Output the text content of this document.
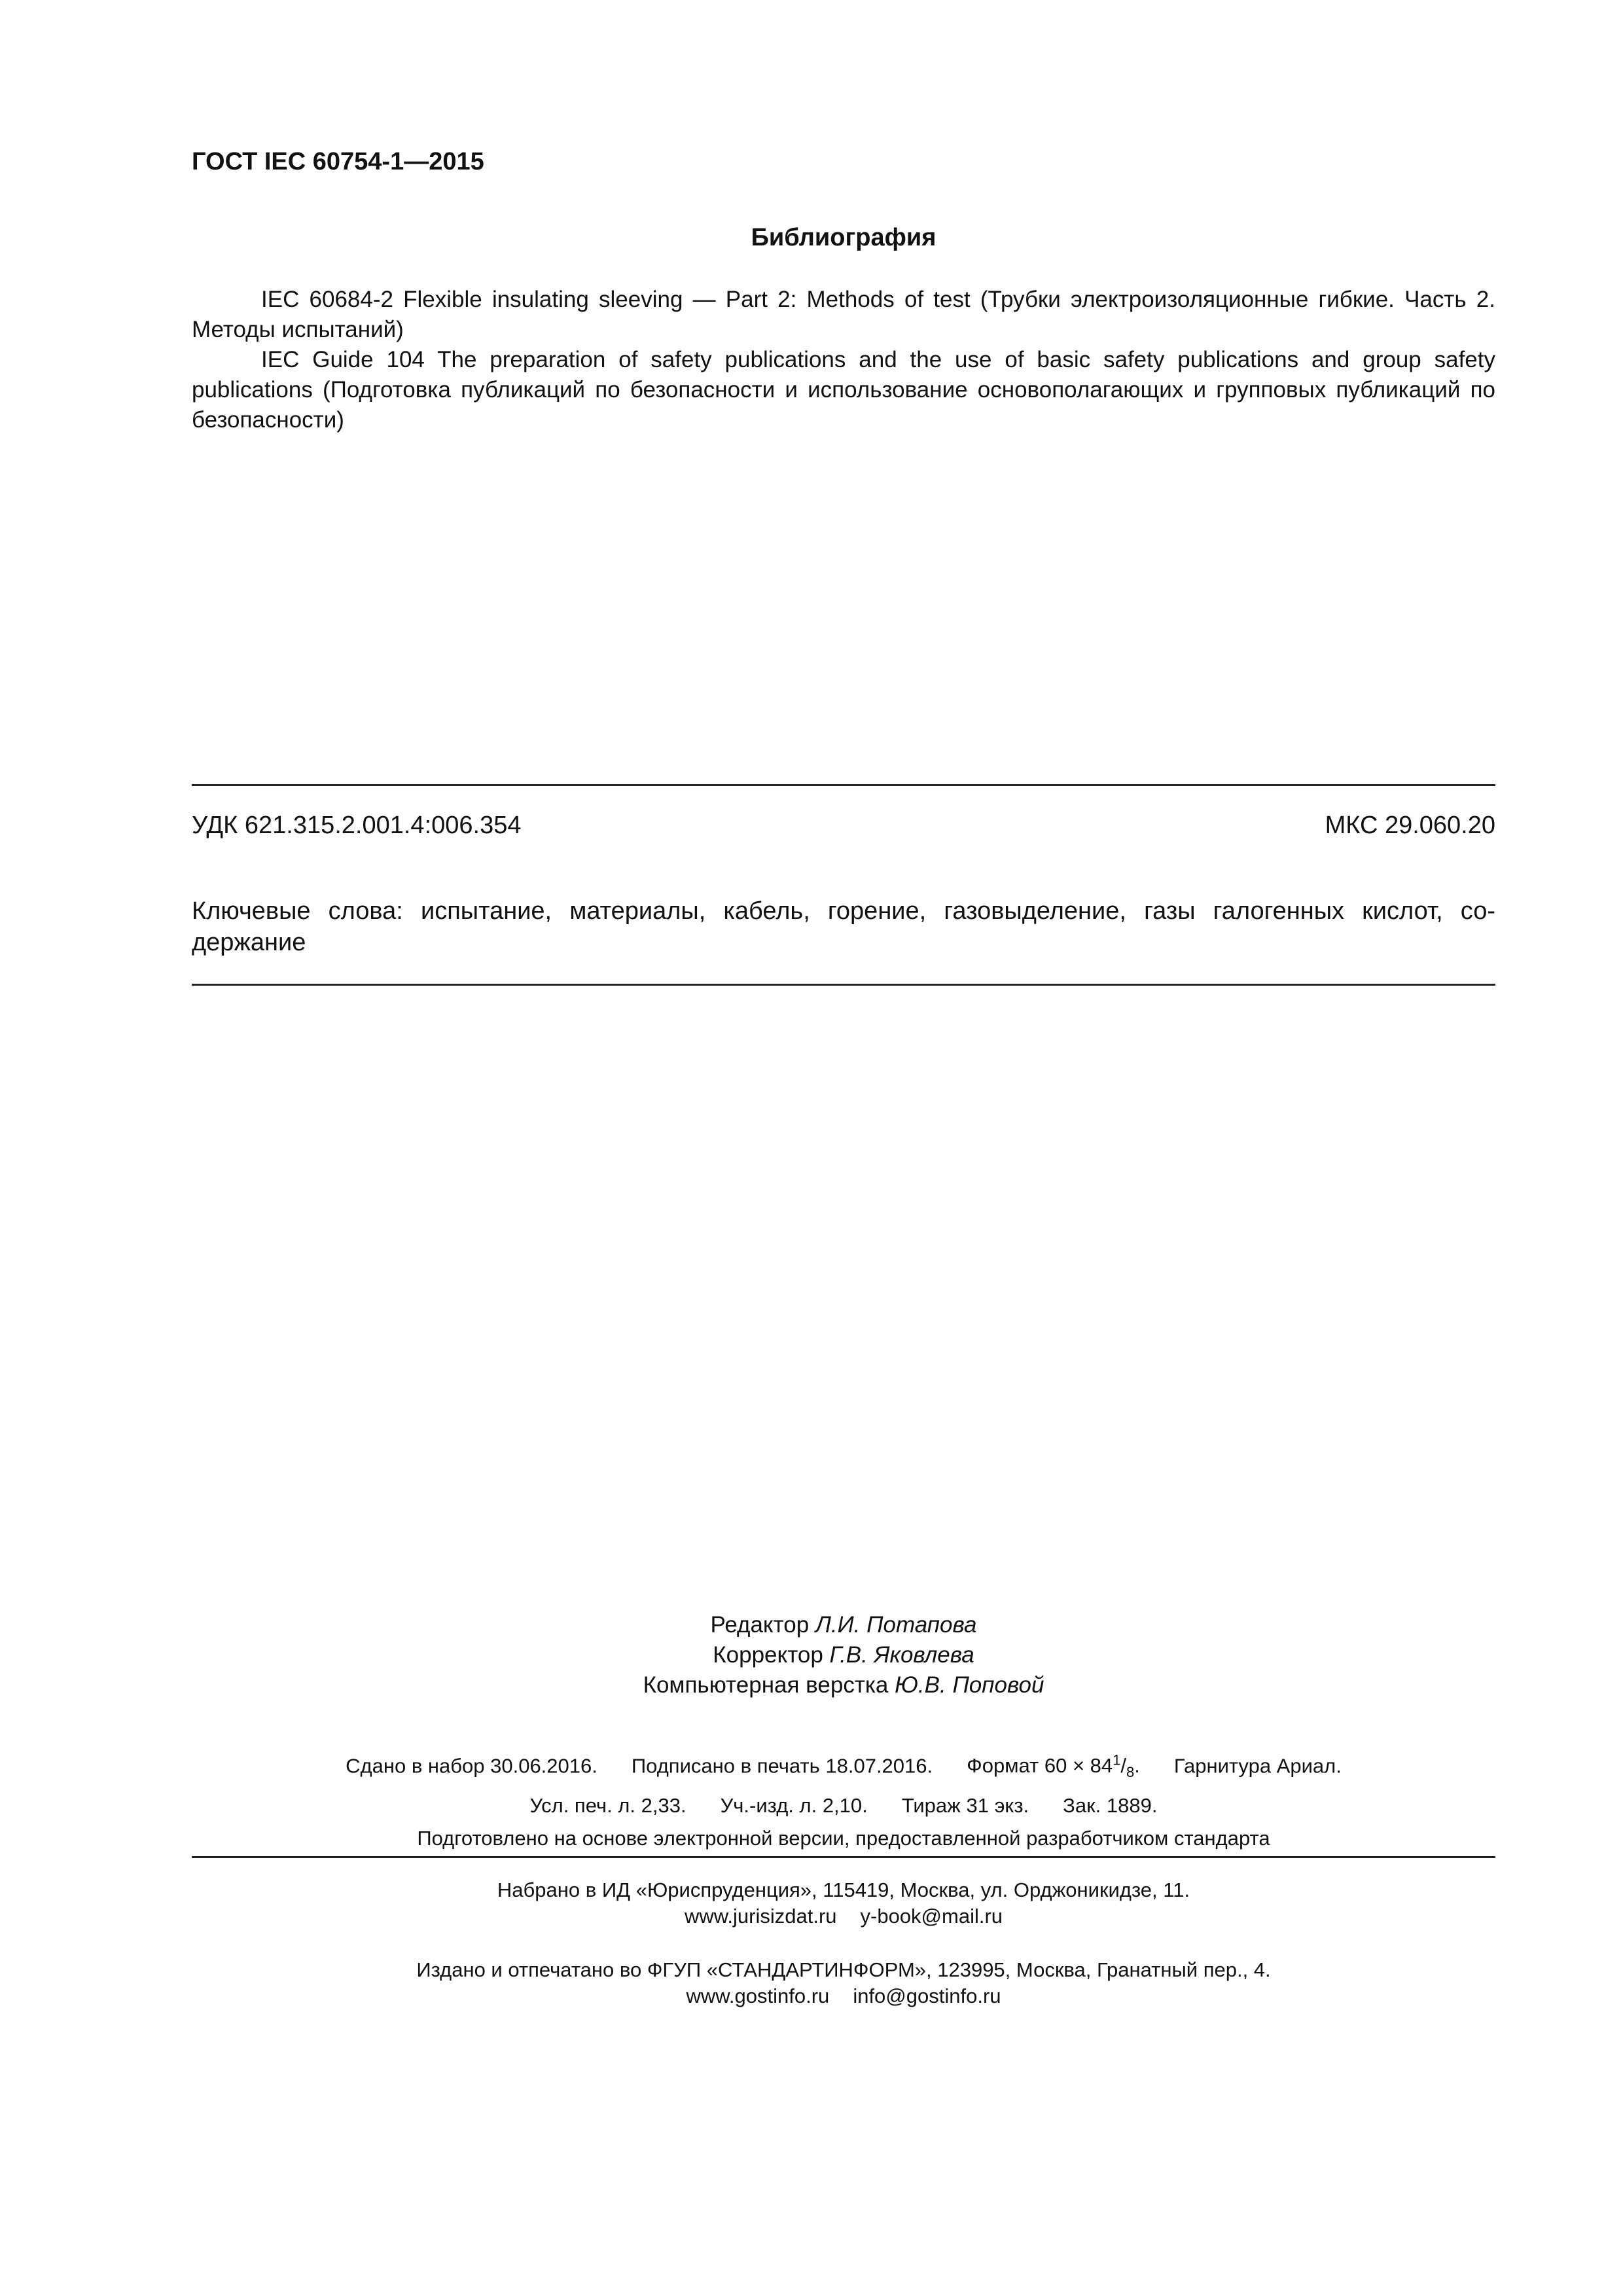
ГОСТ IEC 60754-1—2015
Библиография

IEC 60684-2 Flexible insulating sleeving — Part 2: Methods of test (Трубки электроизоляционные гибкие. Часть 2. Методы испытаний)

IEC Guide 104 The preparation of safety publications and the use of basic safety publications and group safety publications (Подготовка публикаций по безопасности и использование основополагающих и групповых публикаций по безопасности)

УДК 621.315.2.001.4:006.354	МКС 29.060.20
Ключевые слова: испытание, материалы, кабель, горение, газовыделение, газы галогенных кислот, со-держание
Редактор Л.И. Потапова
Корректор Г.В. Яковлева
Компьютерная верстка Ю.В. Поповой
Сдано в набор 30.06.2016. Подписано в печать 18.07.2016. Формат $60 \times 84^1/_8$. Гарнитура Ариал.
Усл. печ. л. 2,33. Уч.-изд. л. 2,10. Тираж 31 экз. Зак. 1889.
Подготовлено на основе электронной версии, предоставленной разработчиком стандарта
Набрано в ИД «Юриспруденция», 115419, Москва, ул. Орджоникидзе, 11.
www.jurisizdat.ru y-book@mail.ru
Издано и отпечатано во ФГУП «СТАНДАРТИНФОРМ», 123995, Москва, Гранатный пер., 4.
www.gostinfo.ru info@gostinfo.ru
